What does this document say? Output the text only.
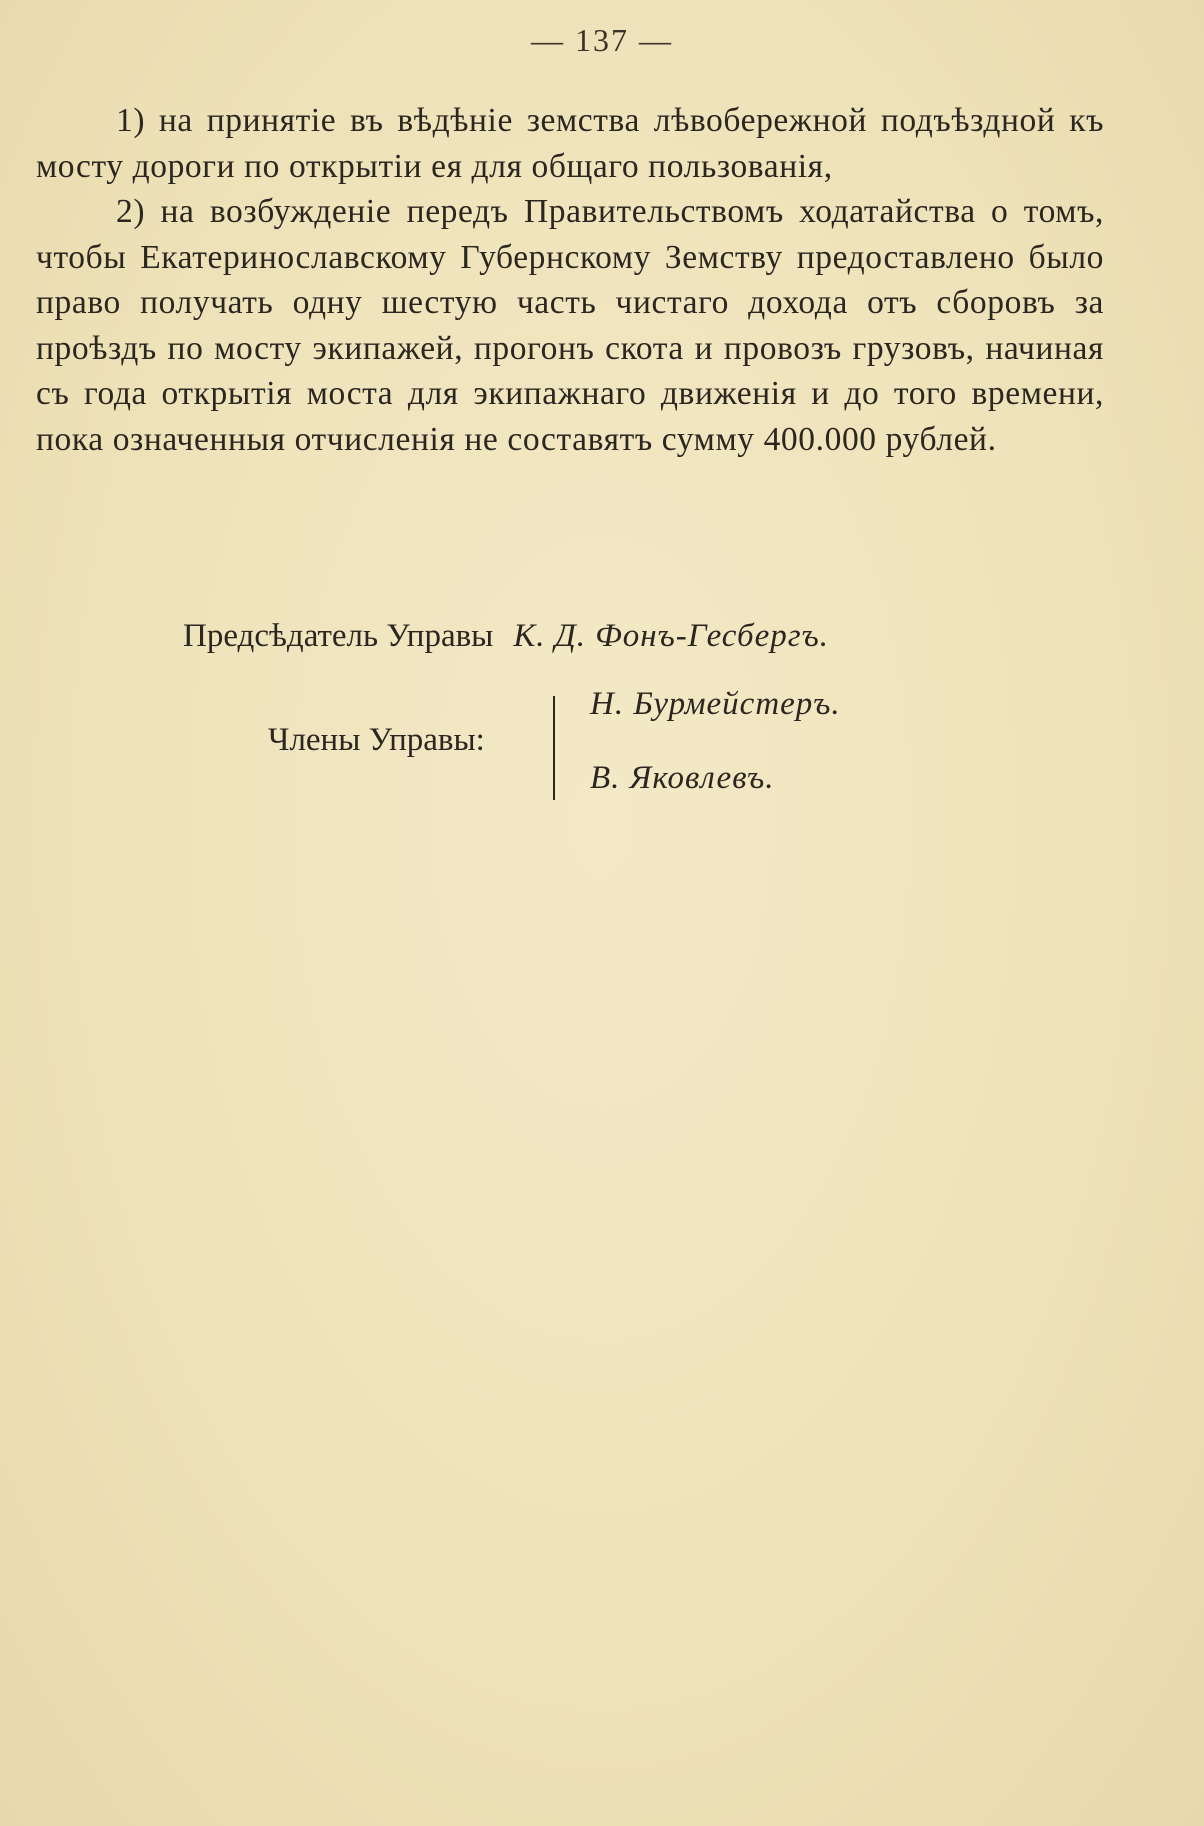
— 137 —

1) на принятіе въ вѣдѣніе земства лѣвобережной подъѣздной къ мосту дороги по открытіи ея для общаго пользованія,

2) на возбужденіе передъ Правительствомъ ходатайства о томъ, чтобы Екатеринославскому Губернскому Земству предоставлено было право получать одну шестую часть чистаго дохода отъ сборовъ за проѣздъ по мосту экипажей, прогонъ скота и провозъ грузовъ, начиная съ года открытія моста для экипажнаго движенія и до того времени, пока означенныя отчисленія не составятъ сумму 400.000 рублей.

Предсѣдатель Управы К. Д. Фонъ-Гесбергъ.
Члены Управы:
Н. Бурмейстеръ.
В. Яковлевъ.
